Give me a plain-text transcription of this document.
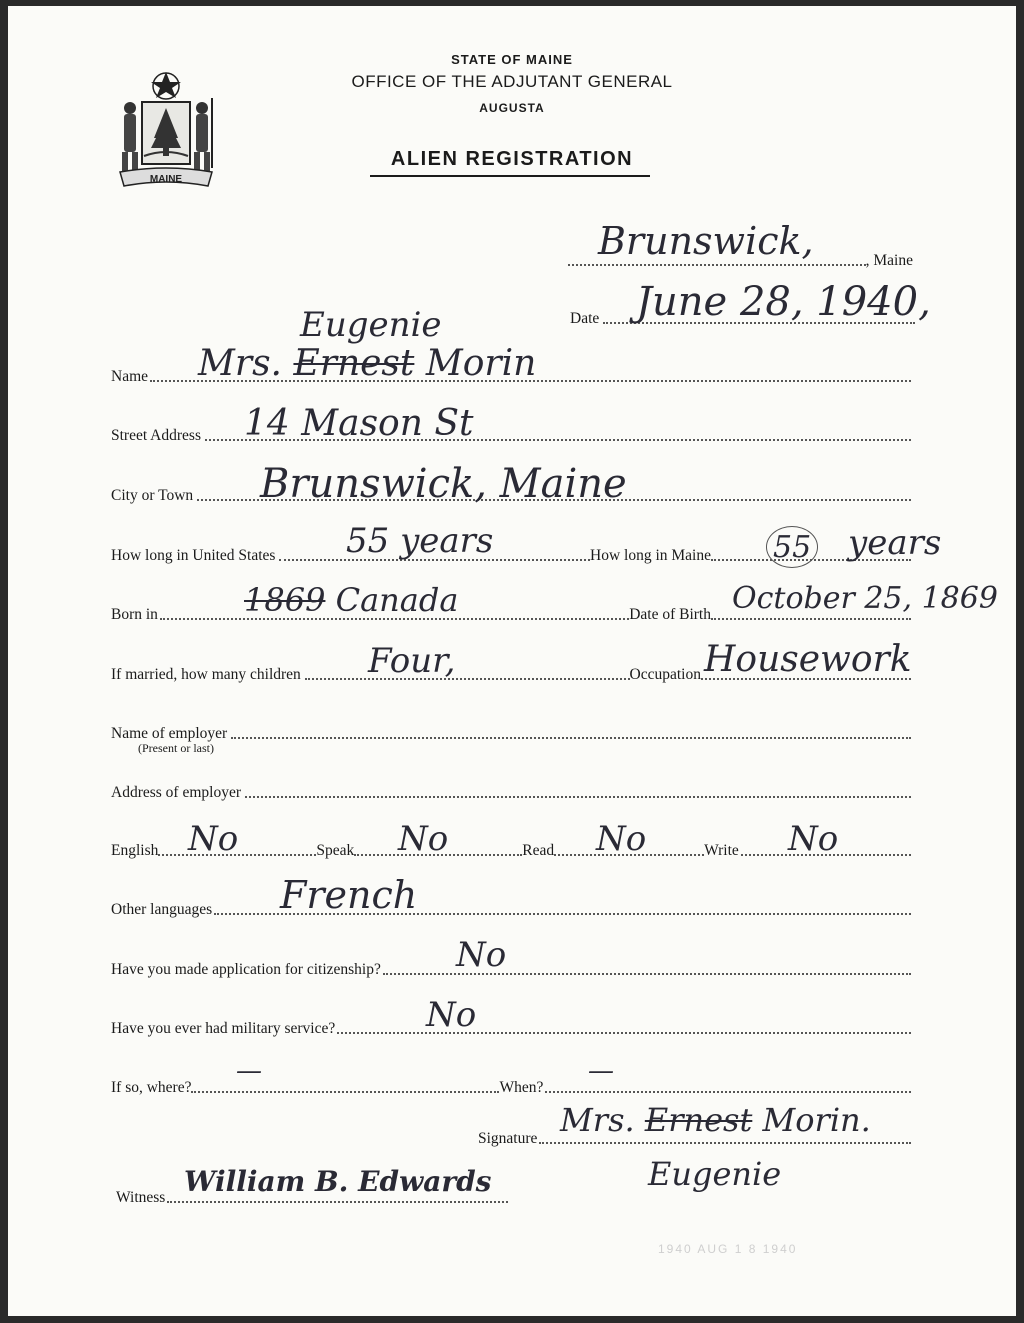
MAINE
STATE OF MAINE
OFFICE OF THE ADJUTANT GENERAL
AUGUSTA
ALIEN REGISTRATION
, Maine
Brunswick,
Date June 28, 1940,
Eugenie
Name Mrs. Ernest Morin
Street Address 14 Mason St
City or Town Brunswick, Maine
How long in United States	How long in Maine
55 years	55 years
Born in	Date of Birth
1869 Canada	October 25, 1869
If married, how many children	Occupation
Four,	Housework
Name of employer
(Present or last)
Address of employer
English	Speak	Read	Write
No	No	No	No
Other languages French
Have you made application for citizenship? No
Have you ever had military service?	No
If so, where?	When?
—	—
Signature Mrs. Ernest Morin.
Eugenie
Witness William B. Edwards
1940 AUG 1 8 1940
